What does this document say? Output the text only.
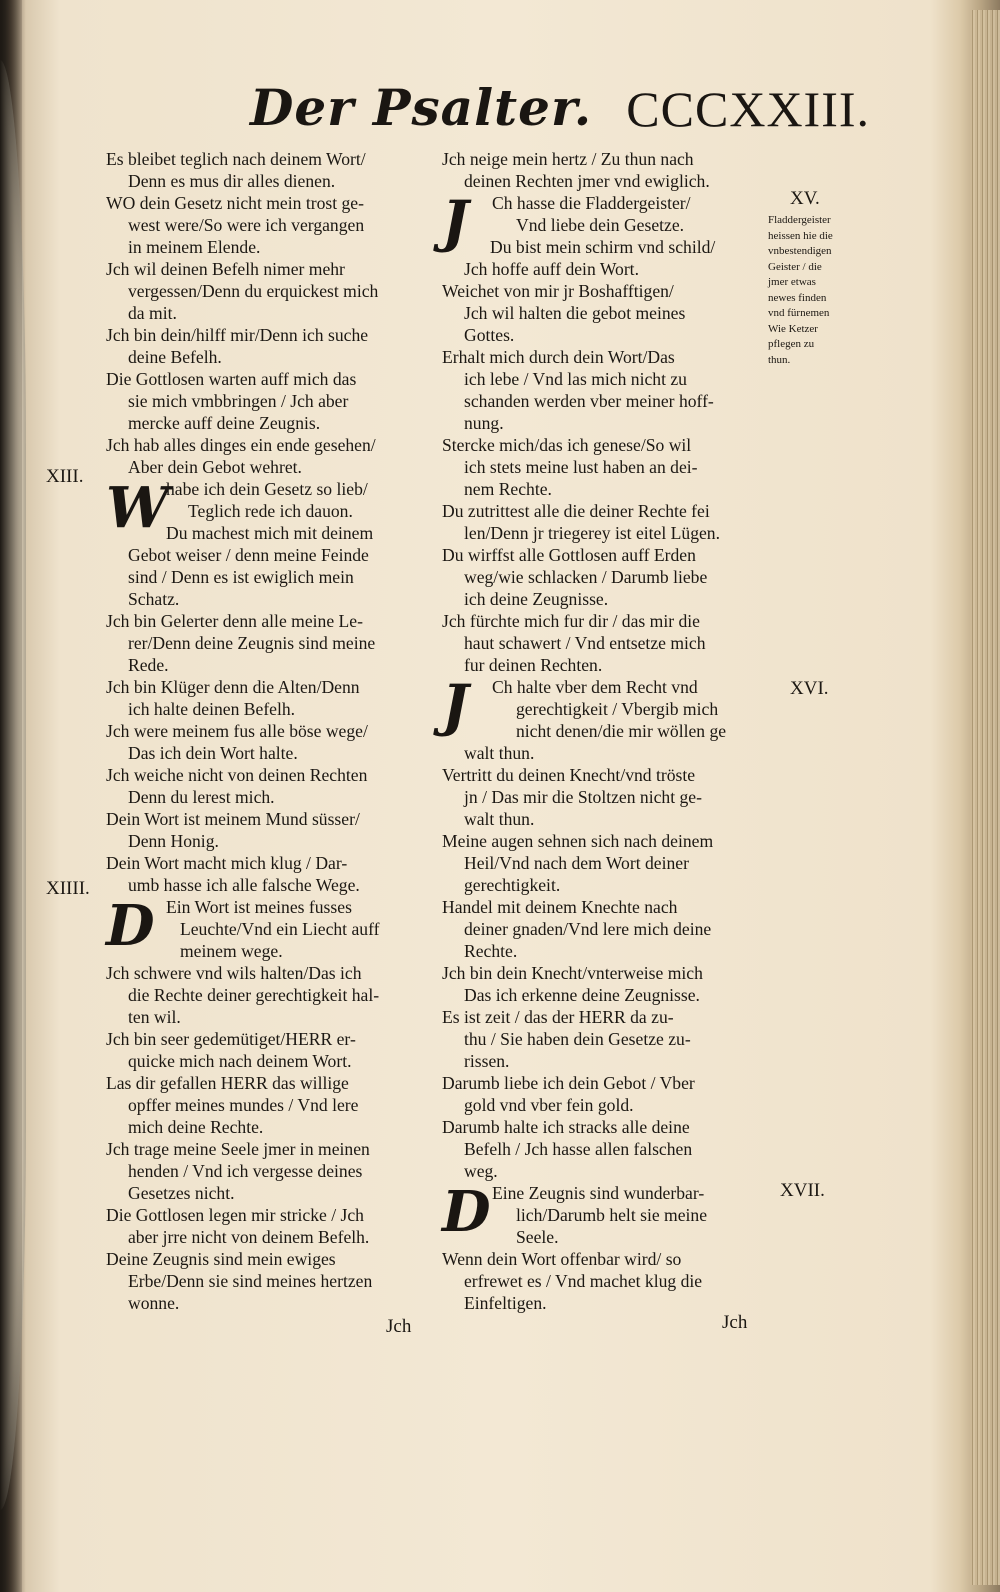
Der Psalter. CCCXXIII.
Es bleibet teglich nach deinem Wort/
Denn es mus dir alles dienen.
WO dein Gesetz nicht mein trost ge-
west were/So were ich vergangen
in meinem Elende.
Jch wil deinen Befelh nimer mehr
vergessen/Denn du erquickest mich
da mit.
Jch bin dein/hilff mir/Denn ich suche
deine Befelh.
Die Gottlosen warten auff mich das
sie mich vmbbringen / Jch aber
mercke auff deine Zeugnis.
Jch hab alles dinges ein ende gesehen/
Aber dein Gebot wehret.
W
habe ich dein Gesetz so lieb/
Teglich rede ich dauon.
Du machest mich mit deinem
Gebot weiser / denn meine Feinde
sind / Denn es ist ewiglich mein
Schatz.
Jch bin Gelerter denn alle meine Le-
rer/Denn deine Zeugnis sind meine
Rede.
Jch bin Klüger denn die Alten/Denn
ich halte deinen Befelh.
Jch were meinem fus alle böse wege/
Das ich dein Wort halte.
Jch weiche nicht von deinen Rechten
Denn du lerest mich.
Dein Wort ist meinem Mund süsser/
Denn Honig.
Dein Wort macht mich klug / Dar-
umb hasse ich alle falsche Wege.
D Ein Wort ist meines fusses
Leuchte/Vnd ein Liecht auff
meinem wege.
Jch schwere vnd wils halten/Das ich
die Rechte deiner gerechtigkeit hal-
ten wil.
Jch bin seer gedemütiget/HERR er-
quicke mich nach deinem Wort.
Las dir gefallen HERR das willige
opffer meines mundes / Vnd lere
mich deine Rechte.
Jch trage meine Seele jmer in meinen
henden / Vnd ich vergesse deines
Gesetzes nicht.
Die Gottlosen legen mir stricke / Jch
aber jrre nicht von deinem Befelh.
Deine Zeugnis sind mein ewiges
Erbe/Denn sie sind meines hertzen
wonne.
Jch neige mein hertz / Zu thun nach
deinen Rechten jmer vnd ewiglich.
J Ch hasse die Fladdergeister/
Vnd liebe dein Gesetze.
Du bist mein schirm vnd schild/
Jch hoffe auff dein Wort.
Weichet von mir jr Boshafftigen/
Jch wil halten die gebot meines
Gottes.
Erhalt mich durch dein Wort/Das
ich lebe / Vnd las mich nicht zu
schanden werden vber meiner hoff-
nung.
Stercke mich/das ich genese/So wil
ich stets meine lust haben an dei-
nem Rechte.
Du zutrittest alle die deiner Rechte fei
len/Denn jr triegerey ist eitel Lügen.
Du wirffst alle Gottlosen auff Erden
weg/wie schlacken / Darumb liebe
ich deine Zeugnisse.
Jch fürchte mich fur dir / das mir die
haut schawert / Vnd entsetze mich
fur deinen Rechten.
J Ch halte vber dem Recht vnd
gerechtigkeit / Vbergib mich
nicht denen/die mir wöllen ge
walt thun.
Vertritt du deinen Knecht/vnd tröste
jn / Das mir die Stoltzen nicht ge-
walt thun.
Meine augen sehnen sich nach deinem
Heil/Vnd nach dem Wort deiner
gerechtigkeit.
Handel mit deinem Knechte nach
deiner gnaden/Vnd lere mich deine
Rechte.
Jch bin dein Knecht/vnterweise mich
Das ich erkenne deine Zeugnisse.
Es ist zeit / das der HERR da zu-
thu / Sie haben dein Gesetze zu-
rissen.
Darumb liebe ich dein Gebot / Vber
gold vnd vber fein gold.
Darumb halte ich stracks alle deine
Befelh / Jch hasse allen falschen
weg.
D Eine Zeugnis sind wunderbar-
lich/Darumb helt sie meine
Seele.
Wenn dein Wort offenbar wird/ so
erfrewet es / Vnd machet klug die
Einfeltigen.
XIII.
XIIII.
XV.
XVI.
XVII.
Fladdergeister
heissen hie die
vnbestendigen
Geister / die
jmer etwas
newes finden
vnd fürnemen
Wie Ketzer
pflegen zu
thun.
Jch	Jch
